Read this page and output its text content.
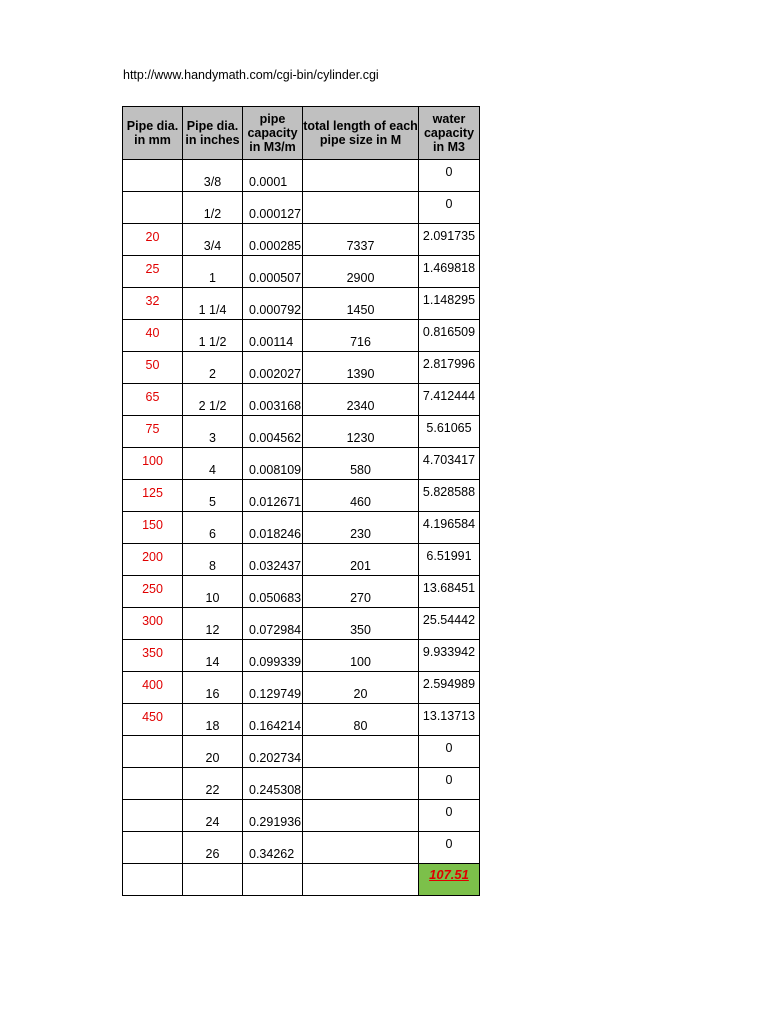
http://www.handymath.com/cgi-bin/cylinder.cgi
Pipe dia. in mm	Pipe dia. in inches	pipe capacity in M3/m	total length of each pipe size in M	water capacity in M3

	3/8	0.0001		0

	1/2	0.000127		0

20	3/4	0.000285	7337	2.091735

25	1	0.000507	2900	1.469818

32	1 1/4	0.000792	1450	1.148295

40	1 1/2	0.00114	716	0.816509

50	2	0.002027	1390	2.817996

65	2 1/2	0.003168	2340	7.412444

75	3	0.004562	1230	5.61065

100	4	0.008109	580	4.703417

125	5	0.012671	460	5.828588

150	6	0.018246	230	4.196584

200	8	0.032437	201	6.51991

250	10	0.050683	270	13.68451

300	12	0.072984	350	25.54442

350	14	0.099339	100	9.933942

400	16	0.129749	20	2.594989

450	18	0.164214	80	13.13713

	20	0.202734		0

	22	0.245308		0

	24	0.291936		0

	26	0.34262		0

				107.51
